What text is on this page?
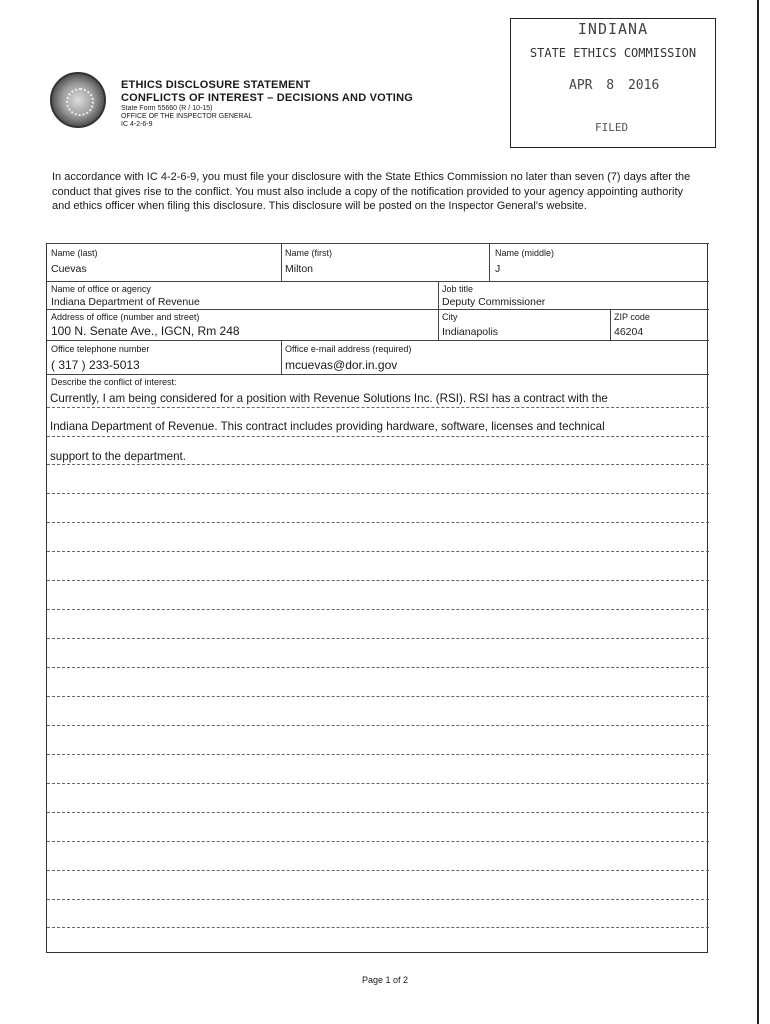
ETHICS DISCLOSURE STATEMENT
CONFLICTS OF INTEREST – DECISIONS AND VOTING
State Form 55660 (R / 10-15)
OFFICE OF THE INSPECTOR GENERAL
IC 4-2-6-9
INDIANA
STATE ETHICS COMMISSION
APR 8 2016
FILED
In accordance with IC 4-2-6-9, you must file your disclosure with the State Ethics Commission no later than seven (7) days after the conduct that gives rise to the conflict. You must also include a copy of the notification provided to your agency appointing authority and ethics officer when filing this disclosure. This disclosure will be posted on the Inspector General's website.
Name (last)
Cuevas
Name (first)
Milton
Name (middle)
J
Name of office or agency
Indiana Department of Revenue
Job title
Deputy Commissioner
Address of office (number and street)
100 N. Senate Ave., IGCN, Rm 248
City
Indianapolis
ZIP code
46204
Office telephone number
( 317 ) 233-5013
Office e-mail address (required)
mcuevas@dor.in.gov
Describe the conflict of interest:
Currently, I am being considered for a position with Revenue Solutions Inc. (RSI). RSI has a contract with the
Indiana Department of Revenue. This contract includes providing hardware, software, licenses and technical
support to the department.
Page 1 of 2
